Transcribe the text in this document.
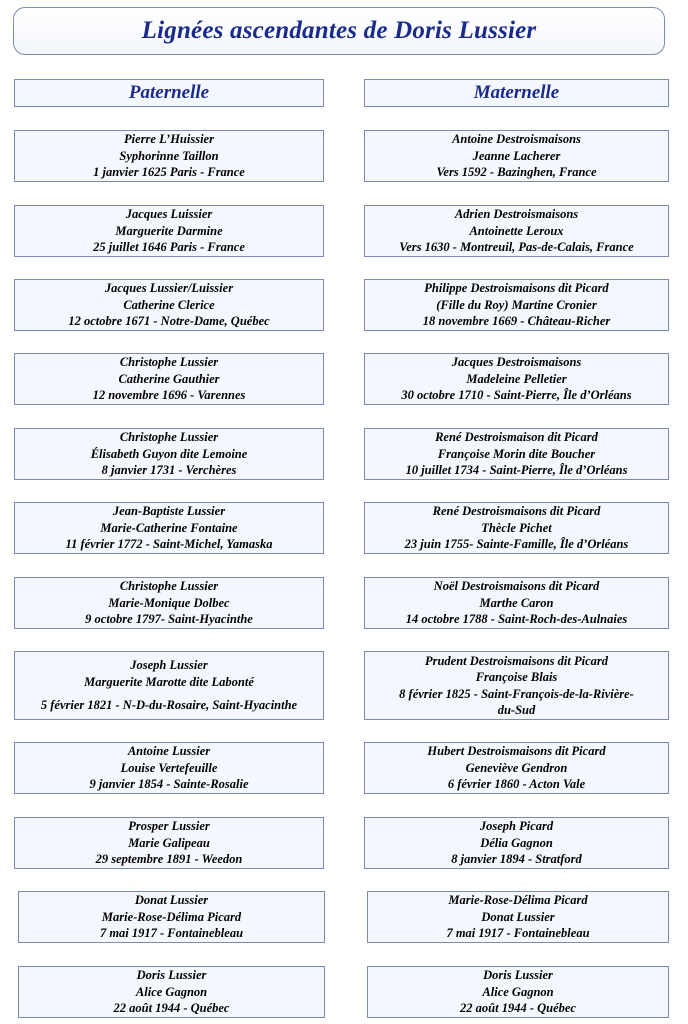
Lignées ascendantes de Doris Lussier
Paternelle	Maternelle
Pierre L’Huissier
Syphorinne Taillon
1 janvier 1625 Paris - France
Jacques Luissier
Marguerite Darmine
25 juillet 1646 Paris - France
Jacques Lussier/Luissier
Catherine Clerice
12 octobre 1671 - Notre-Dame, Québec
Christophe Lussier
Catherine Gauthier
12 novembre 1696 - Varennes
Christophe Lussier
Élisabeth Guyon dite Lemoine
8 janvier 1731 - Verchères
Jean-Baptiste Lussier
Marie-Catherine Fontaine
11 février 1772 - Saint-Michel, Yamaska
Christophe Lussier
Marie-Monique Dolbec
9 octobre 1797- Saint-Hyacinthe
Joseph Lussier
Marguerite Marotte dite Labonté
5 février 1821 - N-D-du-Rosaire, Saint-Hyacinthe
Antoine Lussier
Louise Vertefeuille
9 janvier 1854 - Sainte-Rosalie
Prosper Lussier
Marie Galipeau
29 septembre 1891 - Weedon
Donat Lussier
Marie-Rose-Délima Picard
7 mai 1917 - Fontainebleau
Doris Lussier
Alice Gagnon
22 août 1944 - Québec
Antoine Destroismaisons
Jeanne Lacherer
Vers 1592 - Bazinghen, France
Adrien Destroismaisons
Antoinette Leroux
Vers 1630 - Montreuil, Pas-de-Calais, France
Philippe Destroismaisons dit Picard
(Fille du Roy) Martine Cronier
18 novembre 1669 - Château-Richer
Jacques Destroismaisons
Madeleine Pelletier
30 octobre 1710 - Saint-Pierre, Île d’Orléans
René Destroismaison dit Picard
Françoise Morin dite Boucher
10 juillet 1734 - Saint-Pierre, Île d’Orléans
René Destroismaisons dit Picard
Thècle Pichet
23 juin 1755- Sainte-Famille, Île d’Orléans
Noël Destroismaisons dit Picard
Marthe Caron
14 octobre 1788 - Saint-Roch-des-Aulnaies
Prudent Destroismaisons dit Picard
Françoise Blais
8 février 1825 - Saint-François-de-la-Rivière-
du-Sud
Hubert Destroismaisons dit Picard
Geneviève Gendron
6 février 1860 - Acton Vale
Joseph Picard
Délia Gagnon
8 janvier 1894 - Stratford
Marie-Rose-Délima Picard
Donat Lussier
7 mai 1917 - Fontainebleau
Doris Lussier
Alice Gagnon
22 août 1944 - Québec
